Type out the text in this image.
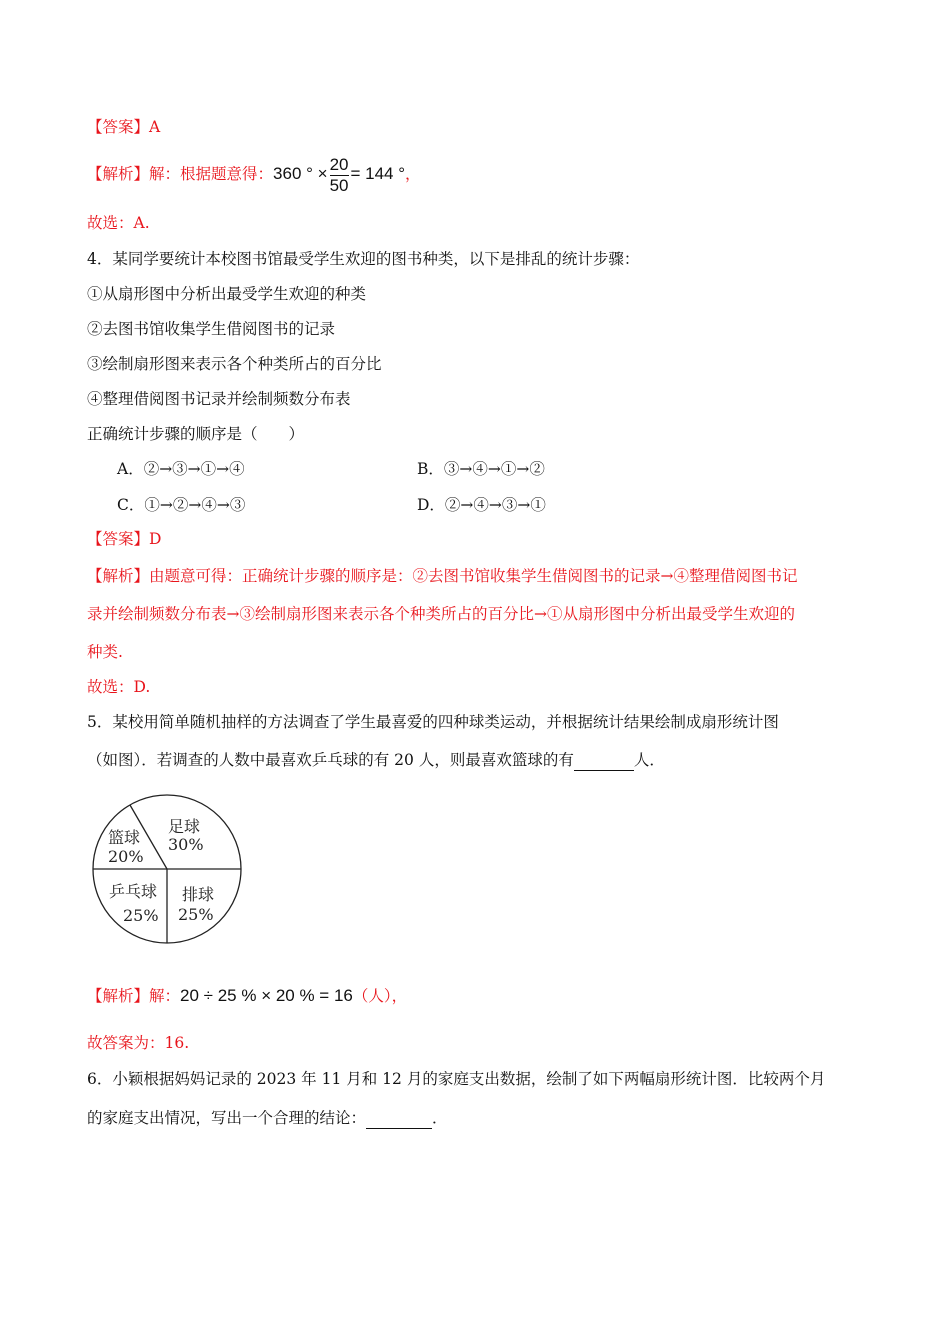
【答案】A
【解析】解：根据题意得：360 ° × $\frac{20}{50} = 144$ °，
故选：A.
4．某同学要统计本校图书馆最受学生欢迎的图书种类，以下是排乱的统计步骤：
①从扇形图中分析出最受学生欢迎的种类
②去图书馆收集学生借阅图书的记录
③绘制扇形图来表示各个种类所占的百分比
④整理借阅图书记录并绘制频数分布表
正确统计步骤的顺序是（　　）
A．②→③→①→④	B．③→④→①→②
C．①→②→④→③	D．②→④→③→①
【答案】D
【解析】由题意可得：正确统计步骤的顺序是：②去图书馆收集学生借阅图书的记录→④整理借阅图书记
录并绘制频数分布表→③绘制扇形图来表示各个种类所占的百分比→①从扇形图中分析出最受学生欢迎的
种类.
故选：D.
5．某校用简单随机抽样的方法调查了学生最喜爱的四种球类运动，并根据统计结果绘制成扇形统计图
（如图）．若调查的人数中最喜欢乒乓球的有 20 人，则最喜欢篮球的有	人．
足球
30%
排球
25%
乒乓球
25%
篮球
20%
【解析】解：20 ÷ 25 % × 20 % = 16（人），
故答案为：16.
6．小颖根据妈妈记录的 2023 年 11 月和 12 月的家庭支出数据，绘制了如下两幅扇形统计图．比较两个月
的家庭支出情况，写出一个合理的结论：	．
